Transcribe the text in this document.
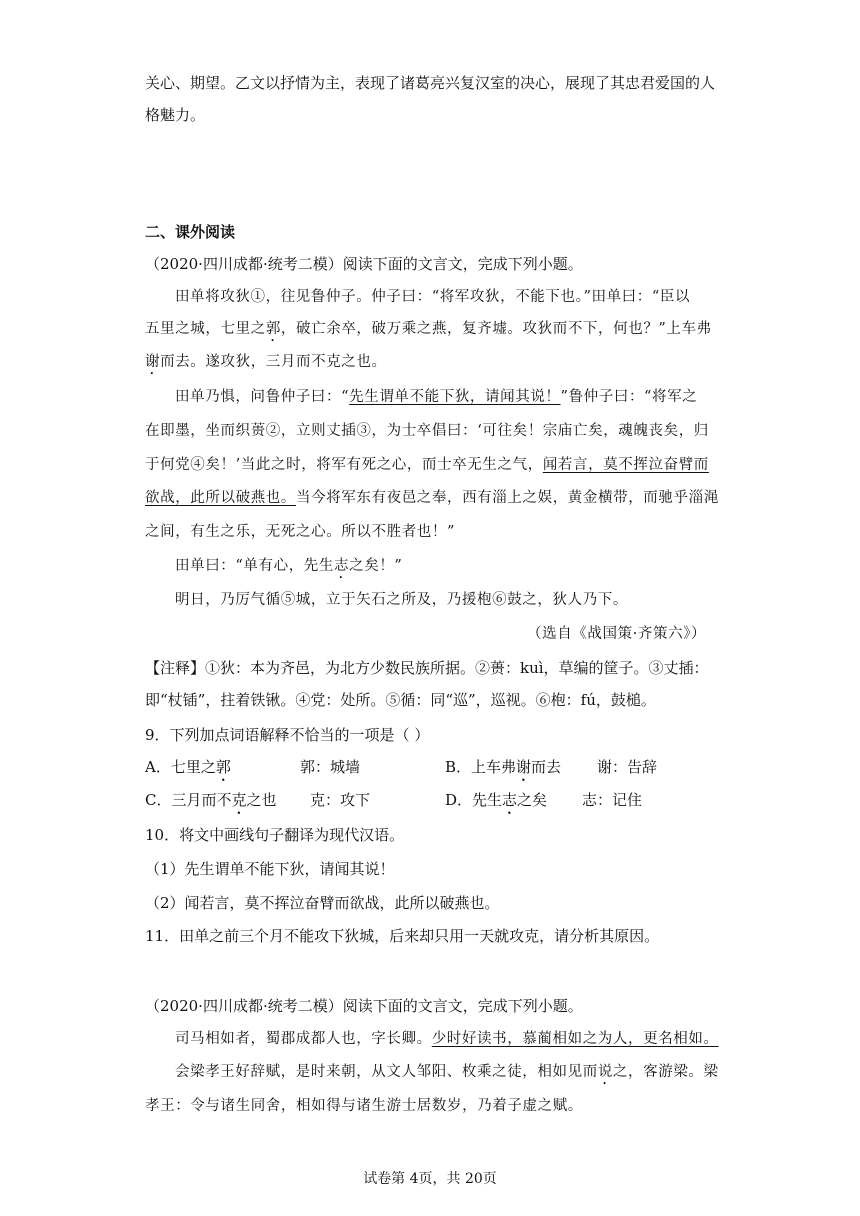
关心、期望。乙文以抒情为主，表现了诸葛亮兴复汉室的决心，展现了其忠君爱国的人
格魅力。
二、课外阅读
（2020·四川成都·统考二模）阅读下面的文言文，完成下列小题。
田单将攻狄①，往见鲁仲子。仲子曰：“将军攻狄，不能下也。”田单曰：“臣以
五里之城，七里之郭，破亡余卒，破万乘之燕，复齐墟。攻狄而不下，何也？”上车弗
谢而去。遂攻狄，三月而不克之也。
田单乃惧，问鲁仲子曰：“先生谓单不能下狄，请闻其说！”鲁仲子曰：“将军之
在即墨，坐而织蒉②，立则丈插③，为士卒倡曰：‘可往矣！宗庙亡矣，魂魄丧矣，归
于何党④矣！’当此之时，将军有死之心，而士卒无生之气，闻若言，莫不挥泣奋臂而
欲战，此所以破燕也。当今将军东有夜邑之奉，西有淄上之娱，黄金横带，而驰乎淄渑
之间，有生之乐，无死之心。所以不胜者也！”
田单曰：“单有心，先生志之矣！”
明日，乃厉气循⑤城，立于矢石之所及，乃援枹⑥鼓之，狄人乃下。
（选自《战国策·齐策六》）
【注释】①狄：本为齐邑，为北方少数民族所据。②蒉：kuì，草编的筐子。③丈插：
即“杖锸”，拄着铁锹。④党：处所。⑤循：同“巡”，巡视。⑥枹：fú，鼓槌。
9．下列加点词语解释不恰当的一项是（ ）
A．七里之郭	郭：城墙	B．上车弗谢而去 谢：告辞
C．三月而不克之也 克：攻下	D．先生志之矣 志：记住
10．将文中画线句子翻译为现代汉语。
（1）先生谓单不能下狄，请闻其说！
（2）闻若言，莫不挥泣奋臂而欲战，此所以破燕也。
11．田单之前三个月不能攻下狄城，后来却只用一天就攻克，请分析其原因。
（2020·四川成都·统考二模）阅读下面的文言文，完成下列小题。
司马相如者，蜀郡成都人也，字长卿。少时好读书，慕蔺相如之为人，更名相如。
会梁孝王好辞赋，是时来朝，从文人邹阳、枚乘之徒，相如见而说之，客游梁。梁
孝王：令与诸生同舍，相如得与诸生游士居数岁，乃着子虚之赋。
试卷第 4页，共 20页
